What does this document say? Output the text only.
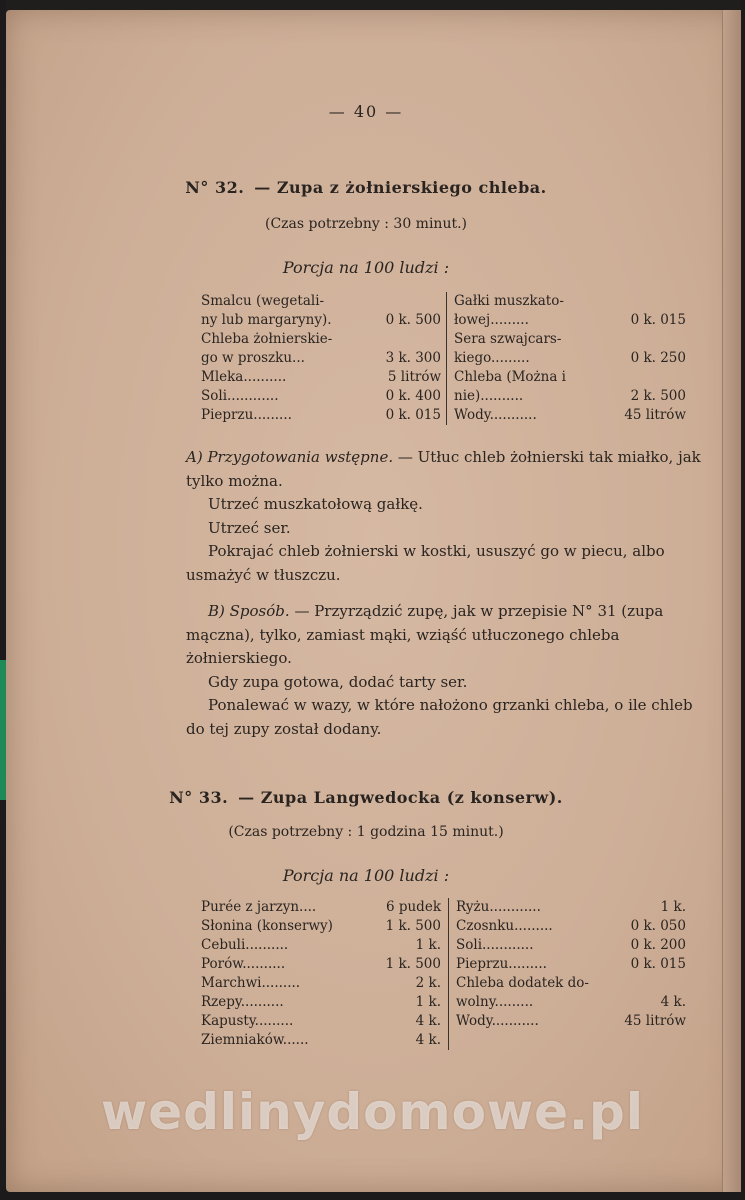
— 40 —
N° 32. — Zupa z żołnierskiego chleba.
(Czas potrzebny : 30 minut.)
Porcja na 100 ludzi :
Smalcu (wegetali-
ny lub margaryny).	0 k. 500
Chleba żołnierskie-
go w proszku...	3 k. 300
Mleka..........	5 litrów
Soli............	0 k. 400
Pieprzu.........	0 k. 015
Gałki muszkato-
łowej.........	0 k. 015
Sera szwajcars-
kiego.........	0 k. 250
Chleba (Można i
nie)..........	2 k. 500
Wody...........	45 litrów

A) Przygotowania wstępne. — Utłuc chleb żołnierski tak miałko, jak tylko można.

Utrzeć muszkatołową gałkę.

Utrzeć ser.

Pokrajać chleb żołnierski w kostki, ususzyć go w piecu, albo usmażyć w tłuszczu.

B) Sposób. — Przyrządzić zupę, jak w przepisie N° 31 (zupa mączna), tylko, zamiast mąki, wziąść utłuczonego chleba żołnierskiego.

Gdy zupa gotowa, dodać tarty ser.

Ponalewać w wazy, w które nałożono grzanki chleba, o ile chleb do tej zupy został dodany.

N° 33. — Zupa Langwedocka (z konserw).
(Czas potrzebny : 1 godzina 15 minut.)
Porcja na 100 ludzi :
Purée z jarzyn....	6 pudek
Słonina (konserwy)	1 k. 500
Cebuli..........	1 k.
Porów..........	1 k. 500
Marchwi.........	2 k.
Rzepy..........	1 k.
Kapusty.........	4 k.
Ziemniaków......	4 k.
Ryżu............	1 k.
Czosnku.........	0 k. 050
Soli............	0 k. 200
Pieprzu.........	0 k. 015
Chleba dodatek do-
wolny.........	4 k.
Wody...........	45 litrów
wedlinydomowe.pl
